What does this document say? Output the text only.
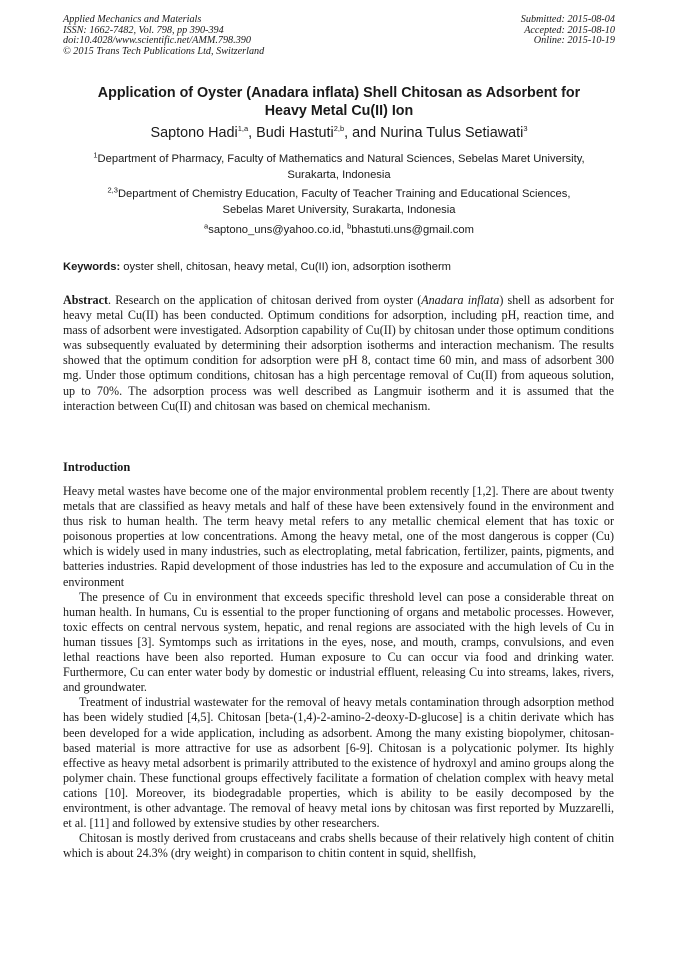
Applied Mechanics and Materials
ISSN: 1662-7482, Vol. 798, pp 390-394
doi:10.4028/www.scientific.net/AMM.798.390
© 2015 Trans Tech Publications Ltd, Switzerland
Submitted: 2015-08-04
Accepted: 2015-08-10
Online: 2015-10-19
Application of Oyster (Anadara inflata) Shell Chitosan as Adsorbent for
Heavy Metal Cu(II) Ion
Saptono Hadi$^{1,a}$, Budi Hastuti$^{2,b}$, and Nurina Tulus Setiawati$^3$
$^1$Department of Pharmacy, Faculty of Mathematics and Natural Sciences, Sebelas Maret University,
Surakarta, Indonesia
$^{2,3}$Department of Chemistry Education, Faculty of Teacher Training and Educational Sciences,
Sebelas Maret University, Surakarta, Indonesia
$^a$saptono_uns@yahoo.co.id, $^b$bhastuti.uns@gmail.com
Keywords: oyster shell, chitosan, heavy metal, Cu(II) ion, adsorption isotherm

Abstract. Research on the application of chitosan derived from oyster (Anadara inflata) shell as adsorbent for heavy metal Cu(II) has been conducted. Optimum conditions for adsorption, including pH, reaction time, and mass of adsorbent were investigated. Adsorption capability of Cu(II) by chitosan under those optimum conditions was subsequently evaluated by determining their adsorption isotherms and interaction mechanism. The results showed that the optimum condition for adsorption were pH 8, contact time 60 min, and mass of adsorbent 300 mg. Under those optimum conditions, chitosan has a high percentage removal of Cu(II) from aqueous solution, up to 70%. The adsorption process was well described as Langmuir isotherm and it is assumed that the interaction between Cu(II) and chitosan was based on chemical mechanism.

Introduction

Heavy metal wastes have become one of the major environmental problem recently [1,2]. There are about twenty metals that are classified as heavy metals and half of these have been extensively found in the environment and thus risk to human health. The term heavy metal refers to any metallic chemical element that has toxic or poisonous properties at low concentrations. Among the heavy metal, one of the most dangerous is copper (Cu) which is widely used in many industries, such as electroplating, metal fabrication, fertilizer, paints, pigments, and batteries industries. Rapid development of those industries has led to the exposure and accumulation of Cu in the environment

The presence of Cu in environment that exceeds specific threshold level can pose a considerable threat on human health. In humans, Cu is essential to the proper functioning of organs and metabolic processes. However, toxic effects on central nervous system, hepatic, and renal regions are associated with the high levels of Cu in human tissues [3]. Symtomps such as irritations in the eyes, nose, and mouth, cramps, convulsions, and even lethal reactions have been also reported. Human exposure to Cu can occur via food and drinking water. Furthermore, Cu can enter water body by domestic or industrial effluent, releasing Cu into streams, lakes, rivers, and groundwater.

Treatment of industrial wastewater for the removal of heavy metals contamination through adsorption method has been widely studied [4,5]. Chitosan [beta-(1,4)-2-amino-2-deoxy-D-glucose] is a chitin derivate which has been developed for a wide application, including as adsorbent. Among the many existing biopolymer, chitosan-based material is more attractive for use as adsorbent [6-9]. Chitosan is a polycationic polymer. Its highly effective as heavy metal adsorbent is primarily attributed to the existence of hydroxyl and amino groups along the polymer chain. These functional groups effectively facilitate a formation of chelation complex with heavy metal cations [10]. Moreover, its biodegradable properties, which is ability to be easily decomposed by the environtment, is other advantage. The removal of heavy metal ions by chitosan was first reported by Muzzarelli, et al. [11] and followed by extensive studies by other researchers.

Chitosan is mostly derived from crustaceans and crabs shells because of their relatively high content of chitin which is about 24.3% (dry weight) in comparison to chitin content in squid, shellfish,
